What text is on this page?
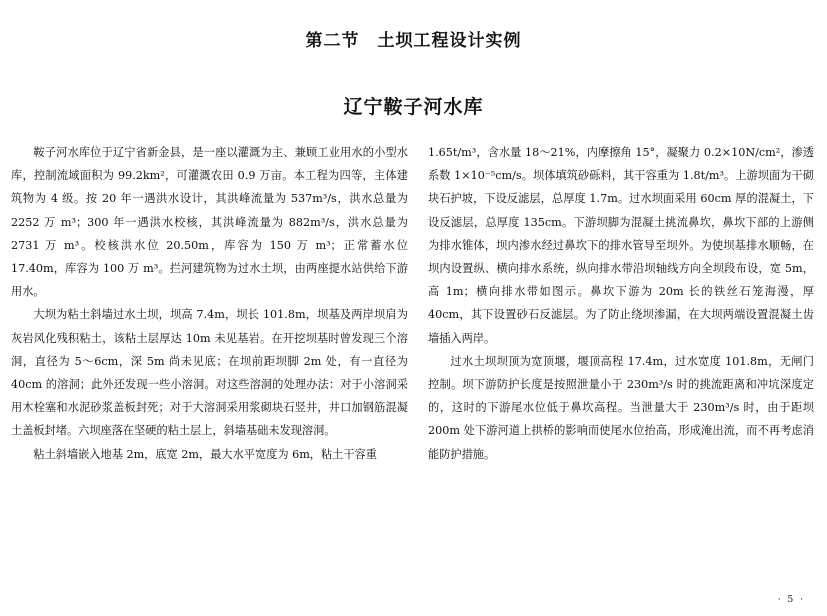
第二节　土坝工程设计实例
辽宁鞍子河水库

鞍子河水库位于辽宁省新金县，是一座以灌溉为主、兼顾工业用水的小型水库，控制流域面积为 99.2km²，可灌溉农田 0.9 万亩。本工程为四等，主体建筑物为 4 级。按 20 年一遇洪水设计，其洪峰流量为 537m³/s，洪水总量为 2252 万 m³；300 年一遇洪水校核，其洪峰流量为 882m³/s，洪水总量为 2731 万 m³。校核洪水位 20.50m，库容为 150 万 m³；正常蓄水位 17.40m，库容为 100 万 m³。拦河建筑物为过水土坝，由两座提水站供给下游用水。

大坝为粘土斜墙过水土坝，坝高 7.4m，坝长 101.8m，坝基及两岸坝肩为灰岩风化残积粘土，该粘土层厚达 10m 未见基岩。在开挖坝基时曾发现三个溶洞，直径为 5～6cm，深 5m 尚未见底；在坝前距坝脚 2m 处，有一直径为 40cm 的溶洞；此外还发现一些小溶洞。对这些溶洞的处理办法：对于小溶洞采用木栓塞和水泥砂浆盖板封死；对于大溶洞采用浆砌块石竖井，井口加钢筋混凝土盖板封堵。六坝座落在坚硬的粘土层上，斜墙基础未发现溶洞。

粘土斜墙嵌入地基 2m，底宽 2m，最大水平宽度为 6m，粘土干容重

1.65t/m³，含水量 18～21%，内摩擦角 15°，凝聚力 0.2×10N/cm²，渗透系数 1×10⁻⁵cm/s。坝体填筑砂砾料，其干容重为 1.8t/m³。上游坝面为干砌块石护坡，下设反滤层，总厚度 1.7m。过水坝面采用 60cm 厚的混凝土，下设反滤层，总厚度 135cm。下游坝脚为混凝土挑流鼻坎，鼻坎下部的上游侧为排水锥体，坝内渗水经过鼻坎下的排水管导至坝外。为使坝基排水顺畅，在坝内设置纵、横向排水系统，纵向排水带沿坝轴线方向全坝段布设，宽 5m，高 1m；横向排水带如图示。鼻坎下游为 20m 长的铁丝石笼海漫，厚 40cm，其下设置砂石反滤层。为了防止绕坝渗漏，在大坝两端设置混凝土齿墙插入两岸。

过水土坝坝顶为宽顶堰，堰顶高程 17.4m，过水宽度 101.8m，无闸门控制。坝下游防护长度是按照泄量小于 230m³/s 时的挑流距离和冲坑深度定的，这时的下游尾水位低于鼻坎高程。当泄量大于 230m³/s 时，由于距坝 200m 处下游河道上拱桥的影响而使尾水位抬高，形成淹出流，而不再考虑消能防护措施。

· 5 ·
